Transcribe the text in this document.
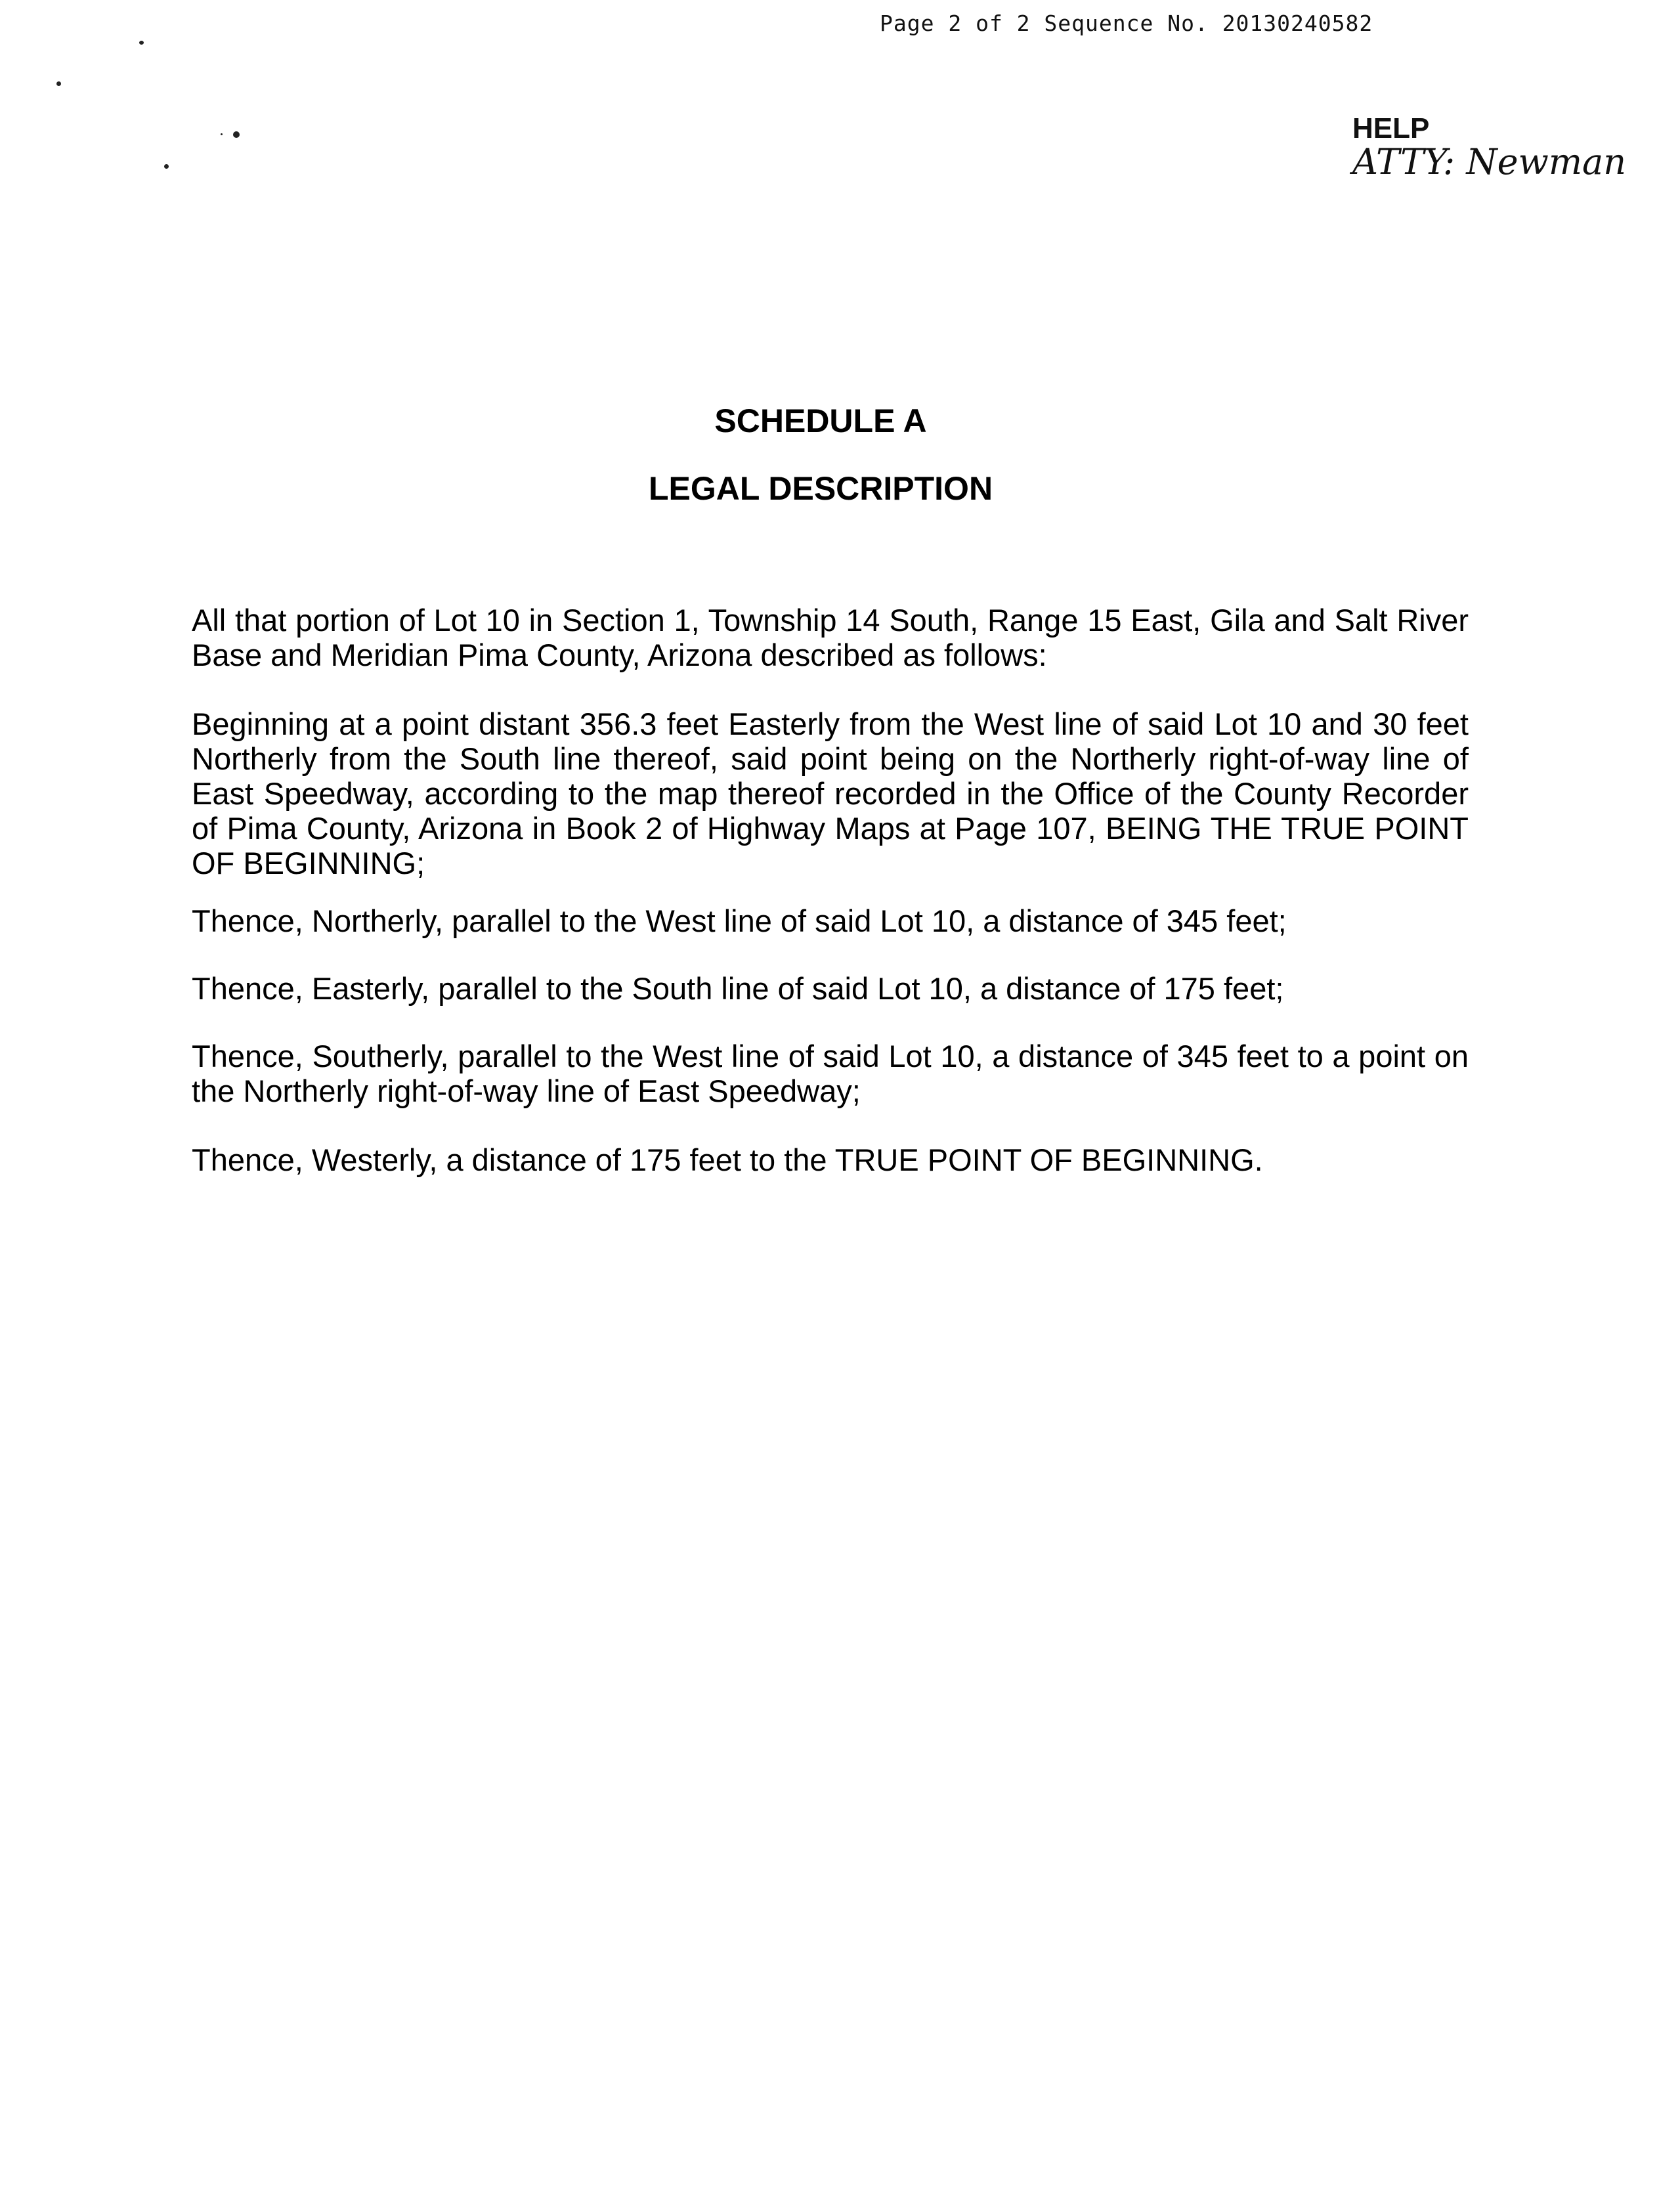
Page 2 of 2 Sequence No. 20130240582
HELP
ATTY: Newman
SCHEDULE A
LEGAL DESCRIPTION
All that portion of Lot 10 in Section 1, Township 14 South, Range 15 East, Gila and Salt River Base and Meridian Pima County, Arizona described as follows:
Beginning at a point distant 356.3 feet Easterly from the West line of said Lot 10 and 30 feet Northerly from the South line thereof, said point being on the Northerly right-of-way line of East Speedway, according to the map thereof recorded in the Office of the County Recorder of Pima County, Arizona in Book 2 of Highway Maps at Page 107, BEING THE TRUE POINT OF BEGINNING;
Thence, Northerly, parallel to the West line of said Lot 10, a distance of 345 feet;
Thence, Easterly, parallel to the South line of said Lot 10, a distance of 175 feet;
Thence, Southerly, parallel to the West line of said Lot 10, a distance of 345 feet to a point on the Northerly right-of-way line of East Speedway;
Thence, Westerly, a distance of 175 feet to the TRUE POINT OF BEGINNING.
